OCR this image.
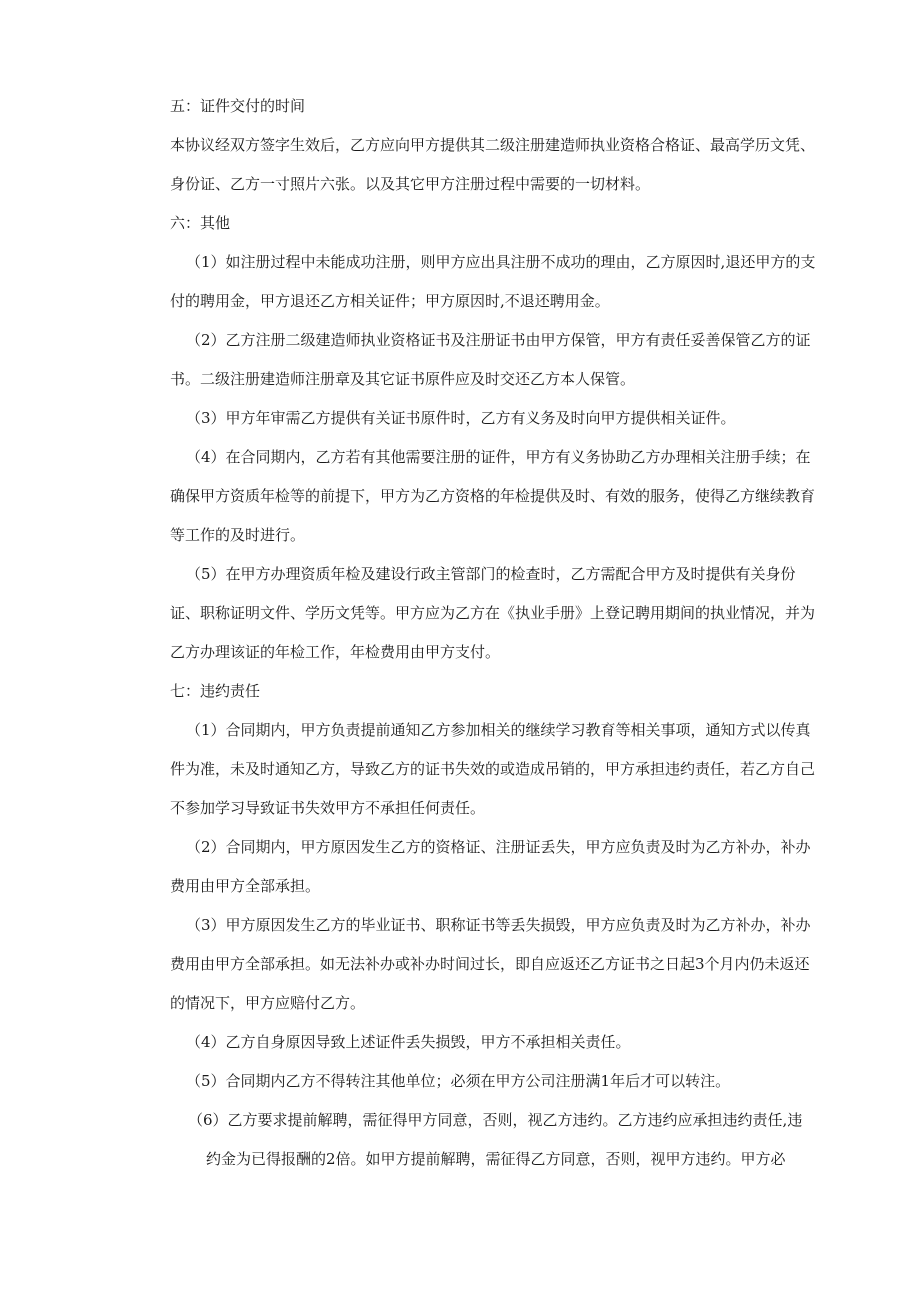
五：证件交付的时间

本协议经双方签字生效后，乙方应向甲方提供其二级注册建造师执业资格合格证、最高学历文凭、身份证、乙方一寸照片六张。以及其它甲方注册过程中需要的一切材料。

六：其他

（1）如注册过程中未能成功注册，则甲方应出具注册不成功的理由，乙方原因时,退还甲方的支付的聘用金，甲方退还乙方相关证件；甲方原因时,不退还聘用金。

（2）乙方注册二级建造师执业资格证书及注册证书由甲方保管，甲方有责任妥善保管乙方的证书。二级注册建造师注册章及其它证书原件应及时交还乙方本人保管。

（3）甲方年审需乙方提供有关证书原件时，乙方有义务及时向甲方提供相关证件。

（4）在合同期内，乙方若有其他需要注册的证件，甲方有义务协助乙方办理相关注册手续；在确保甲方资质年检等的前提下，甲方为乙方资格的年检提供及时、有效的服务，使得乙方继续教育等工作的及时进行。

（5）在甲方办理资质年检及建设行政主管部门的检查时，乙方需配合甲方及时提供有关身份证、职称证明文件、学历文凭等。甲方应为乙方在《执业手册》上登记聘用期间的执业情况，并为乙方办理该证的年检工作，年检费用由甲方支付。

七：违约责任

（1）合同期内，甲方负责提前通知乙方参加相关的继续学习教育等相关事项，通知方式以传真件为准，未及时通知乙方，导致乙方的证书失效的或造成吊销的，甲方承担违约责任，若乙方自己不参加学习导致证书失效甲方不承担任何责任。

（2）合同期内，甲方原因发生乙方的资格证、注册证丢失，甲方应负责及时为乙方补办，补办费用由甲方全部承担。

（3）甲方原因发生乙方的毕业证书、职称证书等丢失损毁，甲方应负责及时为乙方补办，补办费用由甲方全部承担。如无法补办或补办时间过长，即自应返还乙方证书之日起3个月内仍未返还的情况下，甲方应赔付乙方。

（4）乙方自身原因导致上述证件丢失损毁，甲方不承担相关责任。

（5）合同期内乙方不得转注其他单位；必须在甲方公司注册满1年后才可以转注。

（6）乙方要求提前解聘，需征得甲方同意，否则，视乙方违约。乙方违约应承担违约责任,违

约金为已得报酬的2倍。如甲方提前解聘，需征得乙方同意，否则，视甲方违约。甲方必
